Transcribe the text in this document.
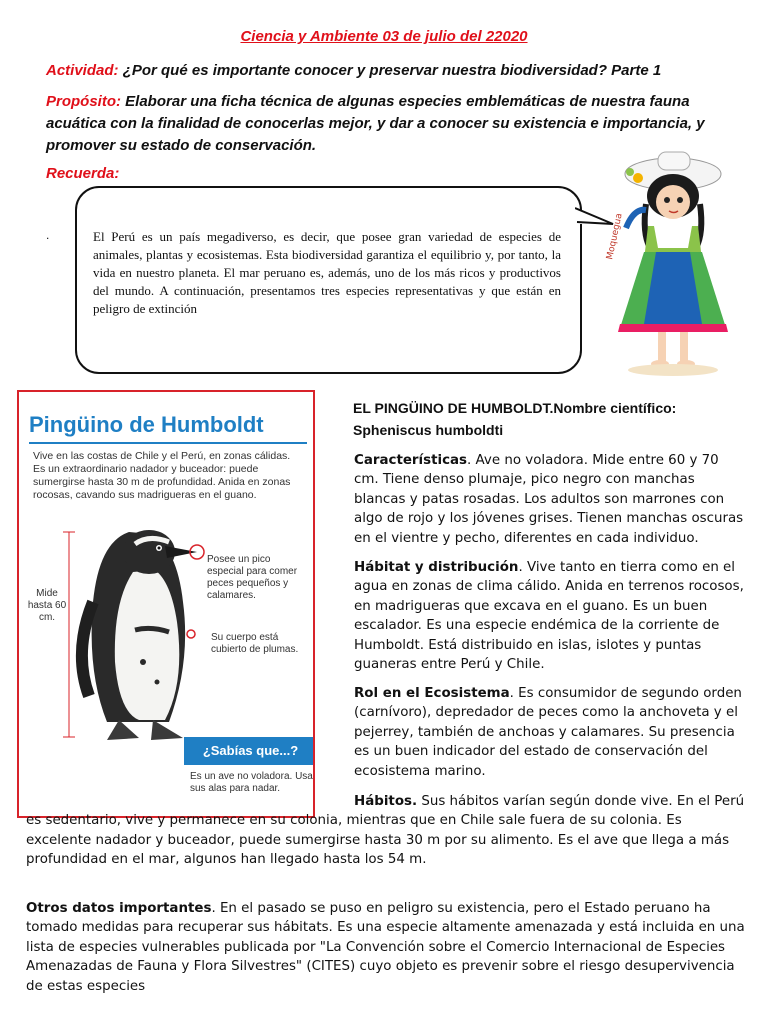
Ciencia y Ambiente 03 de julio del 22020
Actividad: ¿Por qué es importante conocer y preservar nuestra biodiversidad? Parte 1
Propósito: Elaborar una ficha técnica de algunas especies emblemáticas de nuestra fauna acuática con la finalidad de conocerlas mejor, y dar a conocer su existencia e importancia, y promover su estado de conservación.
Recuerda:
.	El Perú es un país megadiverso, es decir, que posee gran variedad de especies de animales, plantas y ecosistemas. Esta biodiversidad garantiza el equilibrio y, por tanto, la vida en nuestro planeta. El mar peruano es, además, uno de los más ricos y productivos del mundo. A continuación, presentamos tres especies representativas y que están en peligro de extinción
Moquegua
Pingüino de Humboldt
Vive en las costas de Chile y el Perú, en zonas cálidas. Es un extraordinario nadador y buceador: puede sumergirse hasta 30 m de profundidad. Anida en zonas rocosas, cavando sus madrigueras en el guano.
Posee un pico especial para comer peces pequeños y calamares.
Su cuerpo está cubierto de plumas.
Mide hasta 60 cm.
¿Sabías que...?
Es un ave no voladora. Usa sus alas para nadar.
EL PINGÜINO DE HUMBOLDT.Nombre científico: Spheniscus humboldti
Características. Ave no voladora. Mide entre 60 y 70 cm. Tiene denso plumaje, pico negro con manchas blancas y patas rosadas. Los adultos son marrones con algo de rojo y los jóvenes grises. Tienen manchas oscuras en el vientre y pecho, diferentes en cada individuo.
Hábitat y distribución. Vive tanto en tierra como en el agua en zonas de clima cálido. Anida en terrenos rocosos, en madrigueras que excava en el guano. Es un buen escalador. Es una especie endémica de la corriente de Humboldt. Está distribuido en islas, islotes y puntas guaneras entre Perú y Chile.
Rol en el Ecosistema. Es consumidor de segundo orden (carnívoro), depredador de peces como la anchoveta y el pejerrey, también de anchoas y calamares. Su presencia es un buen indicador del estado de conservación del ecosistema marino.
Hábitos. Sus hábitos varían según donde vive. En el Perú es sedentario, vive y permanece en su colonia, mientras que en Chile sale fuera de su colonia. Es excelente nadador y buceador, puede sumergirse hasta 30 m por su alimento. Es el ave que llega a más profundidad en el mar, algunos han llegado hasta los 54 m.
Otros datos importantes. En el pasado se puso en peligro su existencia, pero el Estado peruano ha tomado medidas para recuperar sus hábitats. Es una especie altamente amenazada y está incluida en una lista de especies vulnerables publicada por "La Convención sobre el Comercio Internacional de Especies Amenazadas de Fauna y Flora Silvestres" (CITES) cuyo objeto es prevenir sobre el riesgo desupervivencia de estas especies
